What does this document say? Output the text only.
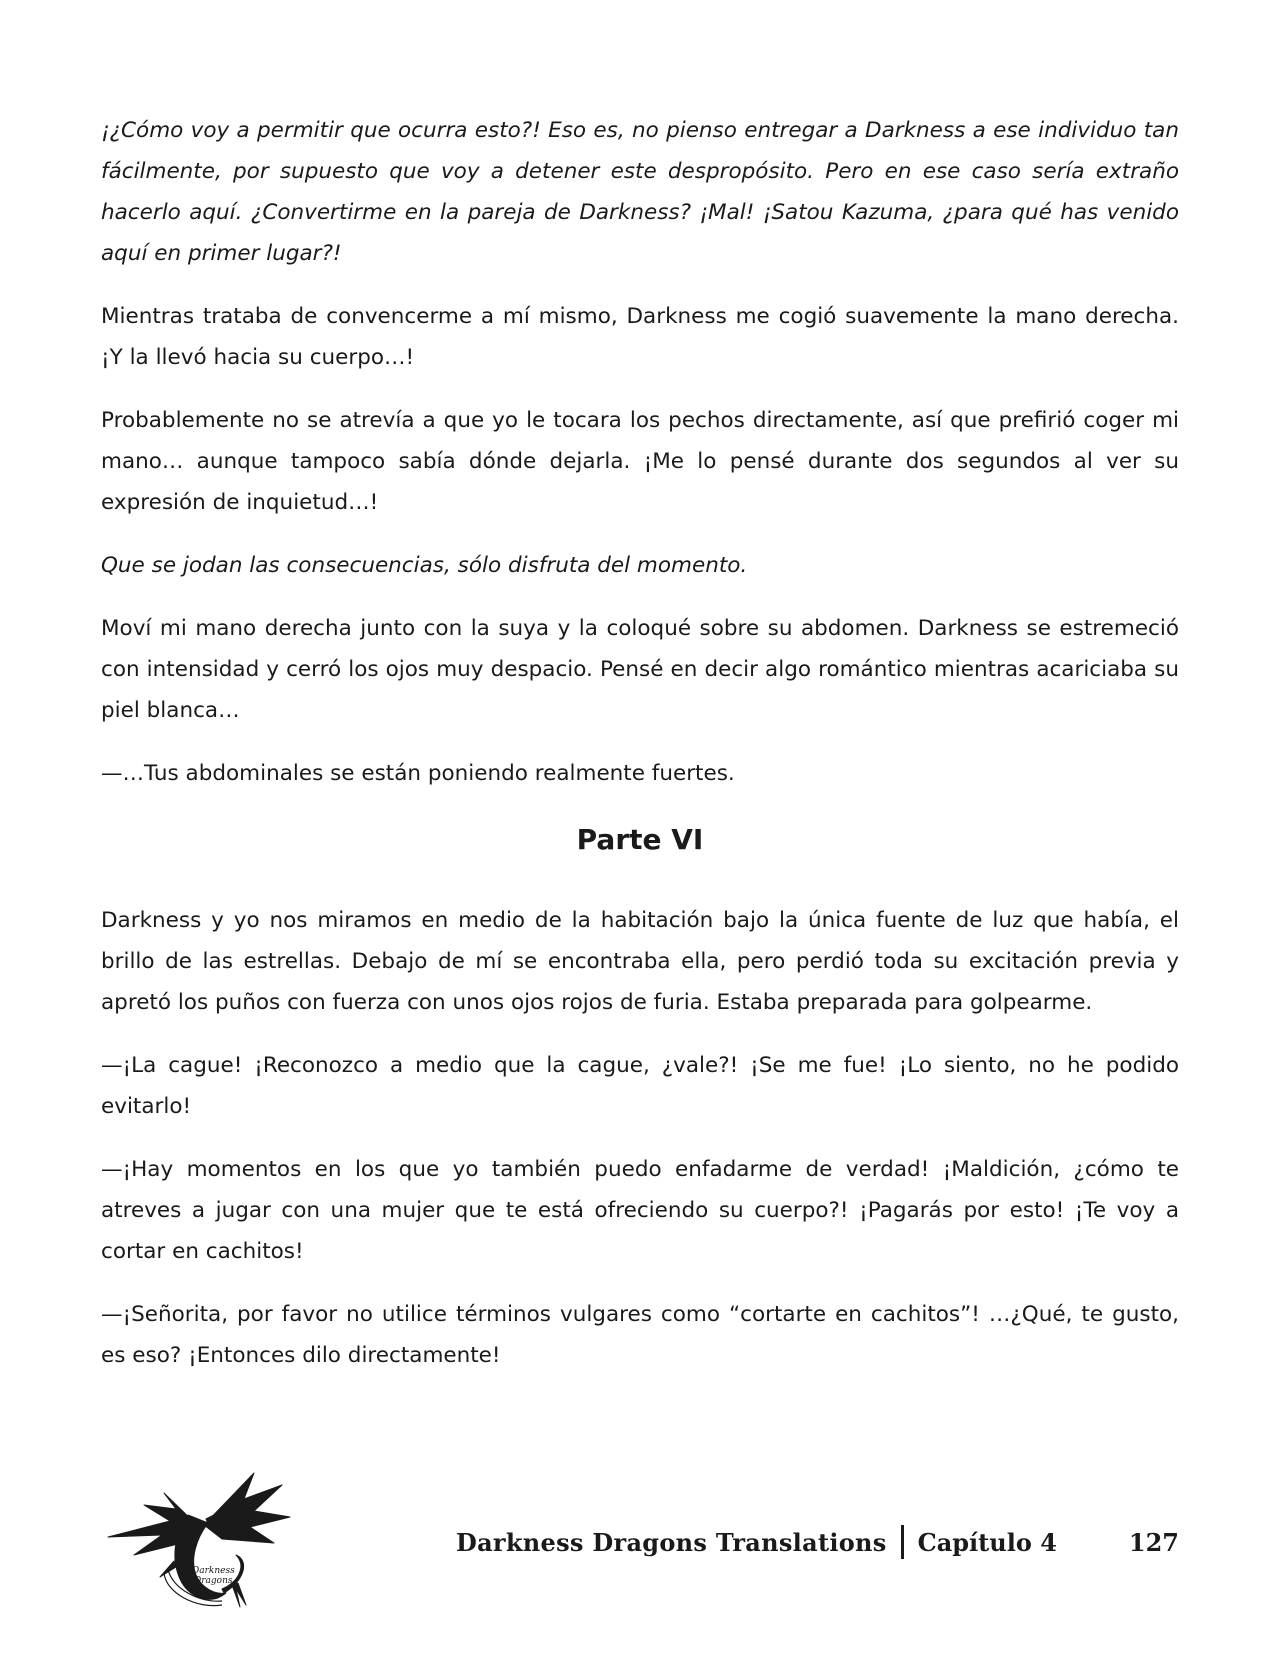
¡¿Cómo voy a permitir que ocurra esto?! Eso es, no pienso entregar a Darkness a ese individuo tan fácilmente, por supuesto que voy a detener este despropósito. Pero en ese caso sería extraño hacerlo aquí. ¿Convertirme en la pareja de Darkness? ¡Mal! ¡Satou Kazuma, ¿para qué has venido aquí en primer lugar?!

Mientras trataba de convencerme a mí mismo, Darkness me cogió suavemente la mano derecha. ¡Y la llevó hacia su cuerpo…!

Probablemente no se atrevía a que yo le tocara los pechos directamente, así que prefirió coger mi mano… aunque tampoco sabía dónde dejarla. ¡Me lo pensé durante dos segundos al ver su expresión de inquietud…!

Que se jodan las consecuencias, sólo disfruta del momento.

Moví mi mano derecha junto con la suya y la coloqué sobre su abdomen. Darkness se estremeció con intensidad y cerró los ojos muy despacio. Pensé en decir algo romántico mientras acariciaba su piel blanca…

—…Tus abdominales se están poniendo realmente fuertes.

Parte VI

Darkness y yo nos miramos en medio de la habitación bajo la única fuente de luz que había, el brillo de las estrellas. Debajo de mí se encontraba ella, pero perdió toda su excitación previa y apretó los puños con fuerza con unos ojos rojos de furia. Estaba preparada para golpearme.

—¡La cague! ¡Reconozco a medio que la cague, ¿vale?! ¡Se me fue! ¡Lo siento, no he podido evitarlo!

—¡Hay momentos en los que yo también puedo enfadarme de verdad! ¡Maldición, ¿cómo te atreves a jugar con una mujer que te está ofreciendo su cuerpo?! ¡Pagarás por esto! ¡Te voy a cortar en cachitos!

—¡Señorita, por favor no utilice términos vulgares como “cortarte en cachitos”! …¿Qué, te gusto, es eso? ¡Entonces dilo directamente!

Darkness
Dragons
Darkness Dragons Translations Capítulo 4	127
